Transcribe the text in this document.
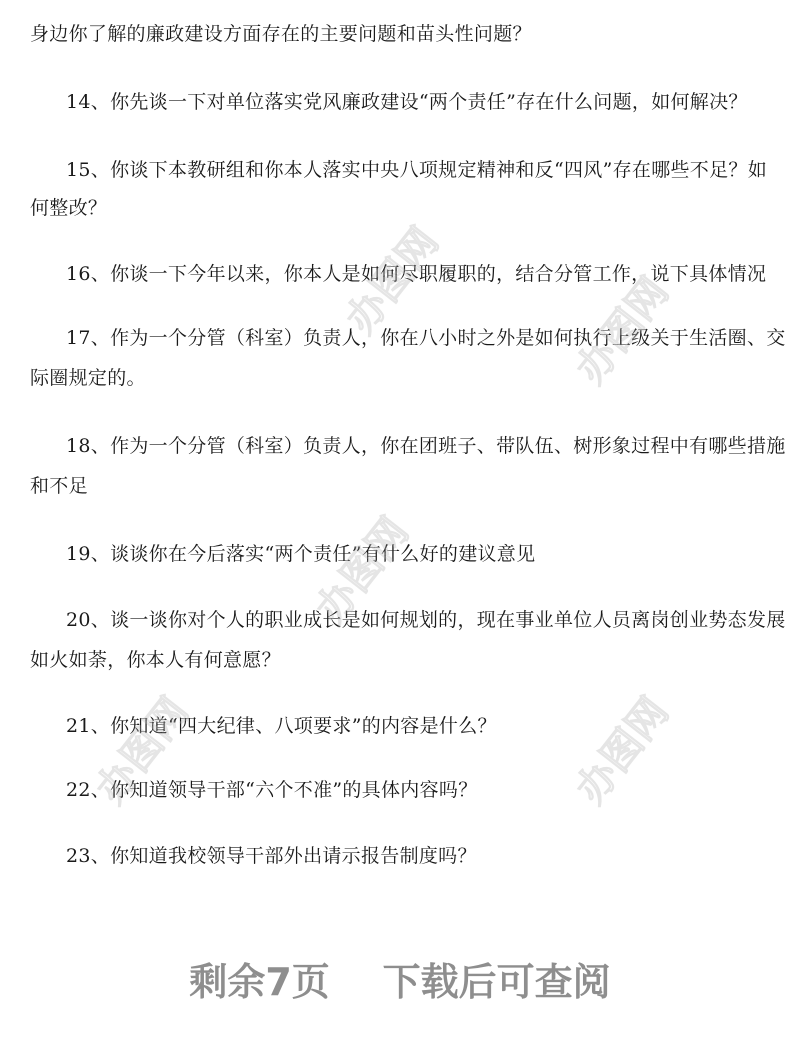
身边你了解的廉政建设方面存在的主要问题和苗头性问题？
14、你先谈一下对单位落实党风廉政建设“两个责任”存在什么问题，如何解决？
15、你谈下本教研组和你本人落实中央八项规定精神和反“四风”存在哪些不足？如
何整改？
16、你谈一下今年以来，你本人是如何尽职履职的，结合分管工作，说下具体情况
17、作为一个分管（科室）负责人，你在八小时之外是如何执行上级关于生活圈、交
际圈规定的。
18、作为一个分管（科室）负责人，你在团班子、带队伍、树形象过程中有哪些措施
和不足
19、谈谈你在今后落实“两个责任”有什么好的建议意见
20、谈一谈你对个人的职业成长是如何规划的，现在事业单位人员离岗创业势态发展
如火如荼，你本人有何意愿？
21、你知道“四大纪律、八项要求”的内容是什么？
22、你知道领导干部“六个不准”的具体内容吗？
23、你知道我校领导干部外出请示报告制度吗？
办图网
办图网
办图网
办图网
办图网
剩余7页    下载后可查阅
